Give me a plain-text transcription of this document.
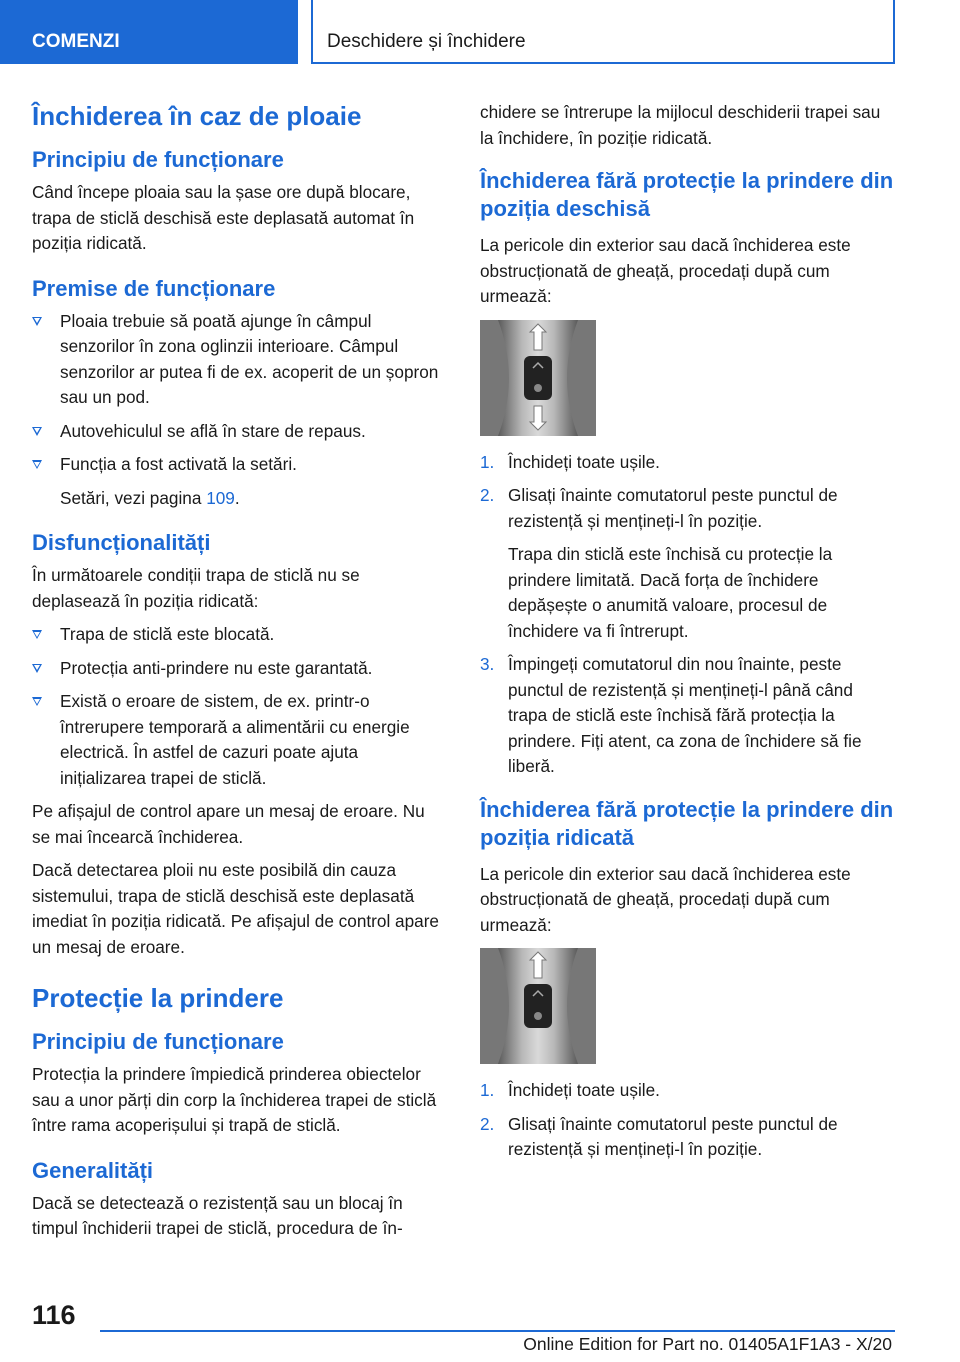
COMENZI	Deschidere și închidere
Închiderea în caz de ploaie
Principiu de funcționare

Când începe ploaia sau la șase ore după blocare, trapa de sticlă deschisă este deplasată automat în poziția ridicată.

Premise de funcționare
Ploaia trebuie să poată ajunge în câmpul senzorilor în zona oglinzii interioare. Câmpul senzorilor ar putea fi de ex. acoperit de un șopron sau un pod.
Autovehiculul se află în stare de repaus.
Funcția a fost activată la setări.
Setări, vezi pagina 109.
Disfuncționalități

În următoarele condiții trapa de sticlă nu se deplasează în poziția ridicată:

Trapa de sticlă este blocată.
Protecția anti-prindere nu este garantată.
Există o eroare de sistem, de ex. printr-o întrerupere temporară a alimentării cu energie electrică. În astfel de cazuri poate ajuta inițializarea trapei de sticlă.

Pe afișajul de control apare un mesaj de eroare. Nu se mai încearcă închiderea.

Dacă detectarea ploii nu este posibilă din cauza sistemului, trapa de sticlă deschisă este deplasată imediat în poziția ridicată. Pe afișajul de control apare un mesaj de eroare.

Protecție la prindere
Principiu de funcționare

Protecția la prindere împiedică prinderea obiectelor sau a unor părți din corp la închiderea trapei de sticlă între rama acoperișului și trapă de sticlă.

Generalități

Dacă se detectează o rezistență sau un blocaj în timpul închiderii trapei de sticlă, procedura de în-

chidere se întrerupe la mijlocul deschiderii trapei sau la închidere, în poziție ridicată.

Închiderea fără protecție la prindere din poziția deschisă

La pericole din exterior sau dacă închiderea este obstrucționată de gheață, procedați după cum urmează:

1. Închideți toate ușile.
2. Glisați înainte comutatorul peste punctul de rezistență și mențineți-l în poziție.
Trapa din sticlă este închisă cu protecție la prindere limitată. Dacă forța de închidere depășește o anumită valoare, procesul de închidere va fi întrerupt.
3. Împingeți comutatorul din nou înainte, peste punctul de rezistență și mențineți-l până când trapa de sticlă este închisă fără protecția la prindere. Fiți atent, ca zona de închidere să fie liberă.
Închiderea fără protecție la prindere din poziția ridicată

La pericole din exterior sau dacă închiderea este obstrucționată de gheață, procedați după cum urmează:

1. Închideți toate ușile.
2. Glisați înainte comutatorul peste punctul de rezistență și mențineți-l în poziție.
116
Online Edition for Part no. 01405A1F1A3 - X/20
